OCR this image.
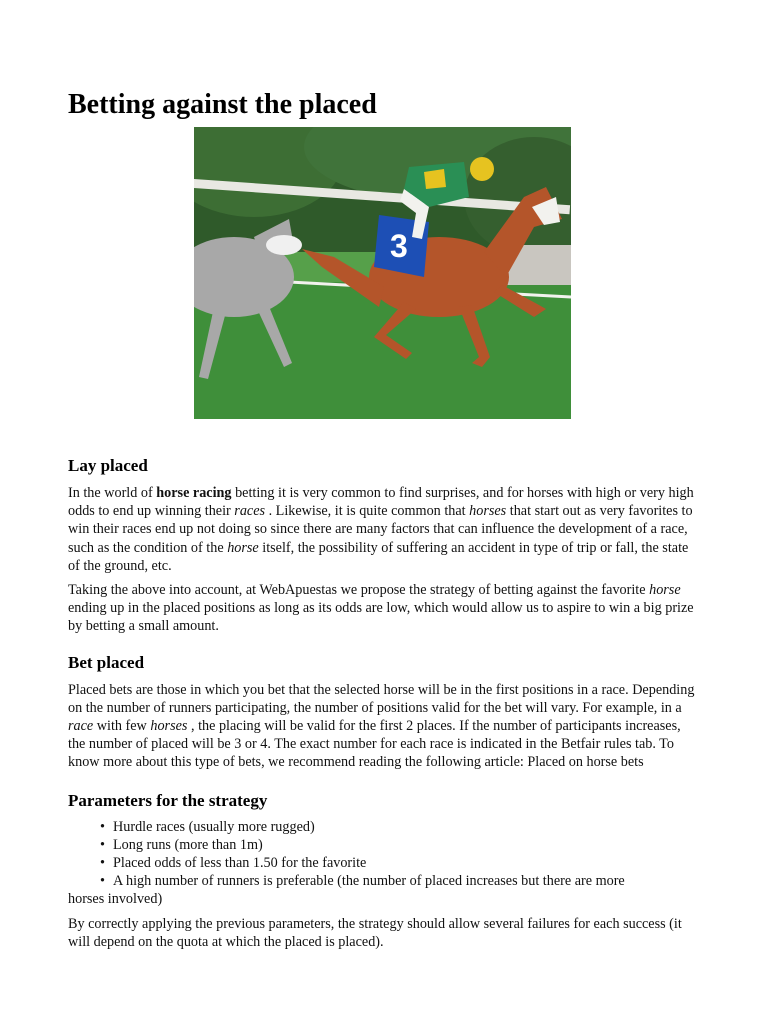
Betting against the placed
3
Lay placed

In the world of horse racing betting it is very common to find surprises, and for horses with high or very high odds to end up winning their races . Likewise, it is quite common that horses that start out as very favorites to win their races end up not doing so since there are many factors that can influence the development of a race, such as the condition of the horse itself, the possibility of suffering an accident in type of trip or fall, the state of the ground, etc.

Taking the above into account, at WebApuestas we propose the strategy of betting against the favorite horse ending up in the placed positions as long as its odds are low, which would allow us to aspire to win a big prize by betting a small amount.

Bet placed

Placed bets are those in which you bet that the selected horse will be in the first positions in a race. Depending on the number of runners participating, the number of positions valid for the bet will vary. For example, in a race with few horses , the placing will be valid for the first 2 places. If the number of participants increases, the number of placed will be 3 or 4. The exact number for each race is indicated in the Betfair rules tab. To know more about this type of bets, we recommend reading the following article: Placed on horse bets

Parameters for the strategy
• Hurdle races (usually more rugged)
• Long runs (more than 1m)
• Placed odds of less than 1.50 for the favorite
• A high number of runners is preferable (the number of placed increases but there are more
horses involved)

By correctly applying the previous parameters, the strategy should allow several failures for each success (it will depend on the quota at which the placed is placed).
